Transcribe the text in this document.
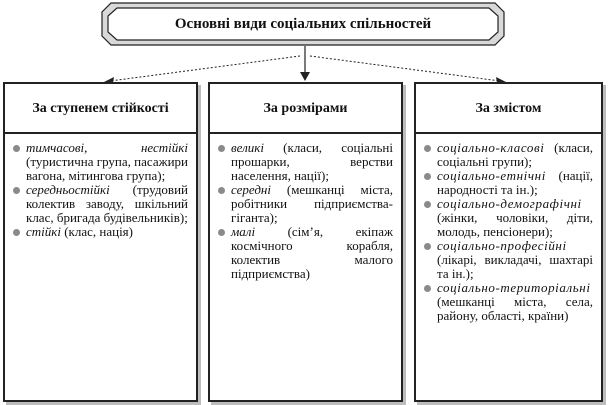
Основні види соціальних спільностей
За ступенем стійкості
тимчасові, нестійкі (туристична група, пасажири вагона, мітингова група);
середньостійкі (трудовий колектив заводу, шкільний клас, бригада будівельників);
стійкі (клас, нація)
За розмірами
великі (класи, соціальні прошарки, верстви населення, нації);
середні (мешканці міста, робітники підприємства-гіганта);
малі (сім’я, екіпаж космічного корабля, колектив малого підприємства)
За змістом
соціально-класові (класи, соціальні групи);
соціально-етнічні (нації, народності та ін.);
соціально-демографічні (жінки, чоловіки, діти, молодь, пенсіонери);
соціально-професійні (лікарі, викладачі, шахтарі та ін.);
соціально-територіальні (мешканці міста, села, району, області, країни)
